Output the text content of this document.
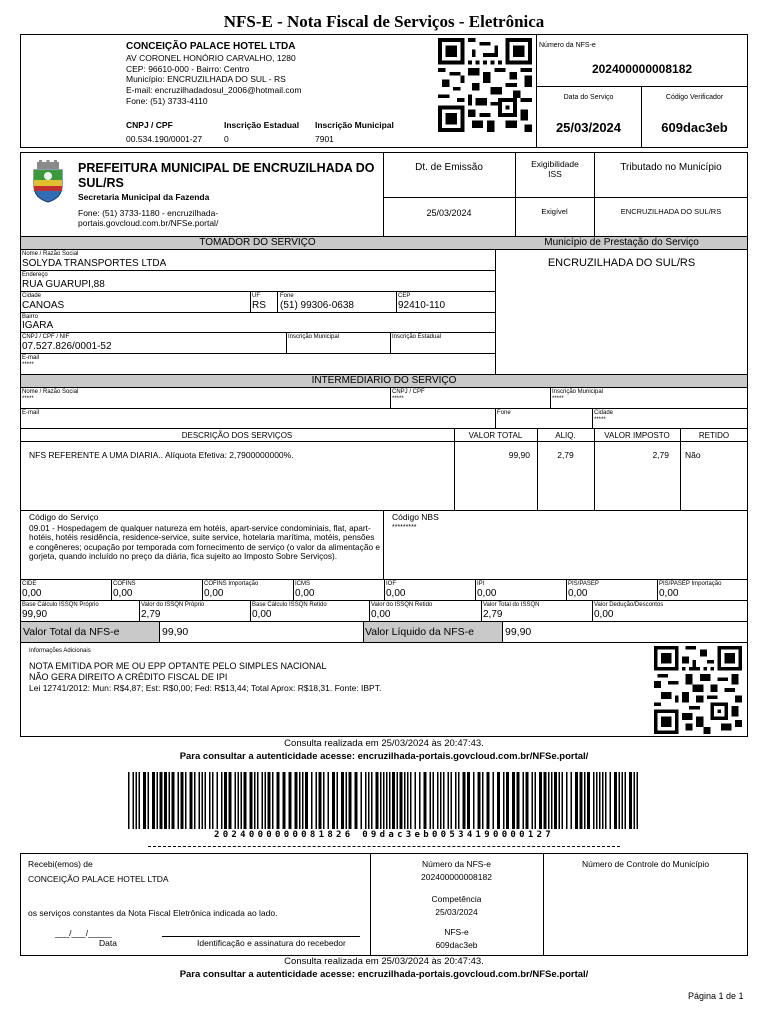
NFS-E - Nota Fiscal de Serviços - Eletrônica
CONCEIÇÃO PALACE HOTEL LTDA
AV CORONEL HONÓRIO CARVALHO, 1280
CEP: 96610-000 - Bairro: Centro
Município: ENCRUZILHADA DO SUL - RS
E-mail: encruzilhadadosul_2006@hotmail.com
Fone: (51) 3733-4110
CNPJ / CPF
00.534.190/0001-27
Inscrição Estadual
0
Inscrição Municipal
7901
Número da NFS-e
202400000008182
Data do Serviço
25/03/2024
Código Verificador
609dac3eb
PREFEITURA MUNICIPAL DE ENCRUZILHADA DO SUL/RS
Secretaria Municipal da Fazenda
Fone: (51) 3733-1180 - encruzilhada-portais.govcloud.com.br/NFSe.portal/
Dt. de Emissão
25/03/2024
Exigibilidade ISS
Exigível
Tributado no Município
ENCRUZILHADA DO SUL/RS
TOMADOR DO SERVIÇO	Município de Prestação do Serviço
ENCRUZILHADA DO SUL/RS
Nome / Razão Social
SOLYDA TRANSPORTES LTDA
Endereço
RUA GUARUPI,88
Cidade
CANOAS
UF
RS
Fone
(51) 99306-0638
CEP
92410-110
Bairro
IGARA
CNPJ / CPF / NIF
07.527.826/0001-52
Inscrição Municipal	Inscrição Estadual
E-mail
*****
INTERMEDIÁRIO DO SERVIÇO
Nome / Razão Social
*****
CNPJ / CPF
*****
Inscrição Municipal
*****
E-mail	Fone	Cidade
*****
DESCRIÇÃO DOS SERVIÇOS	VALOR TOTAL	ALIQ.	VALOR IMPOSTO	RETIDO
NFS REFERENTE A UMA DIARIA.. Alíquota Efetiva: 2,7900000000%.	99,90	2,79	2,79 Não
Código do Serviço
09.01 - Hospedagem de qualquer natureza em hotéis, apart-service condominiais, flat, apart-hotéis, hotéis residência, residence-service, suite service, hotelaria marítima, motéis, pensões e congêneres; ocupação por temporada com fornecimento de serviço (o valor da alimentação e gorjeta, quando incluído no preço da diária, fica sujeito ao Imposto Sobre Serviços).
Código NBS
*********
CIDE
0,00
COFINS
0,00
COFINS Importação
0,00
ICMS
0,00
IOF
0,00
IPI
0,00
PIS/PASEP
0,00
PIS/PASEP Importação
0,00
Base Cálculo ISSQN Próprio
99,90
Valor do ISSQN Próprio
2,79
Base Cálculo ISSQN Retido
0,00
Valor do ISSQN Retido
0,00
Valor Total do ISSQN
2,79
Valor Dedução/Descontos
0,00
Valor Total da NFS-e	99,90	Valor Líquido da NFS-e	99,90
Informações Adicionais
NOTA EMITIDA POR ME OU EPP OPTANTE PELO SIMPLES NACIONAL
NÃO GERA DIREITO A CRÉDITO FISCAL DE IPI
Lei 12741/2012: Mun: R$4,87; Est: R$0,00; Fed: R$13,44; Total Aprox: R$18,31. Fonte: IBPT.
Consulta realizada em 25/03/2024 às 20:47:43.
Para consultar a autenticidade acesse: encruzilhada-portais.govcloud.com.br/NFSe.portal/
2024000000081826 09dac3eb00534190000127
Recebi(emos) de
CONCEIÇÃO PALACE HOTEL LTDA
os serviços constantes da Nota Fiscal Eletrônica indicada ao lado.
___/___/_____
Data	Identificação e assinatura do recebedor
Número da NFS-e
202400000008182
Competência
25/03/2024
NFS-e
609dac3eb
Número de Controle do Município
Consulta realizada em 25/03/2024 às 20:47:43.
Para consultar a autenticidade acesse: encruzilhada-portais.govcloud.com.br/NFSe.portal/
Página 1 de 1
